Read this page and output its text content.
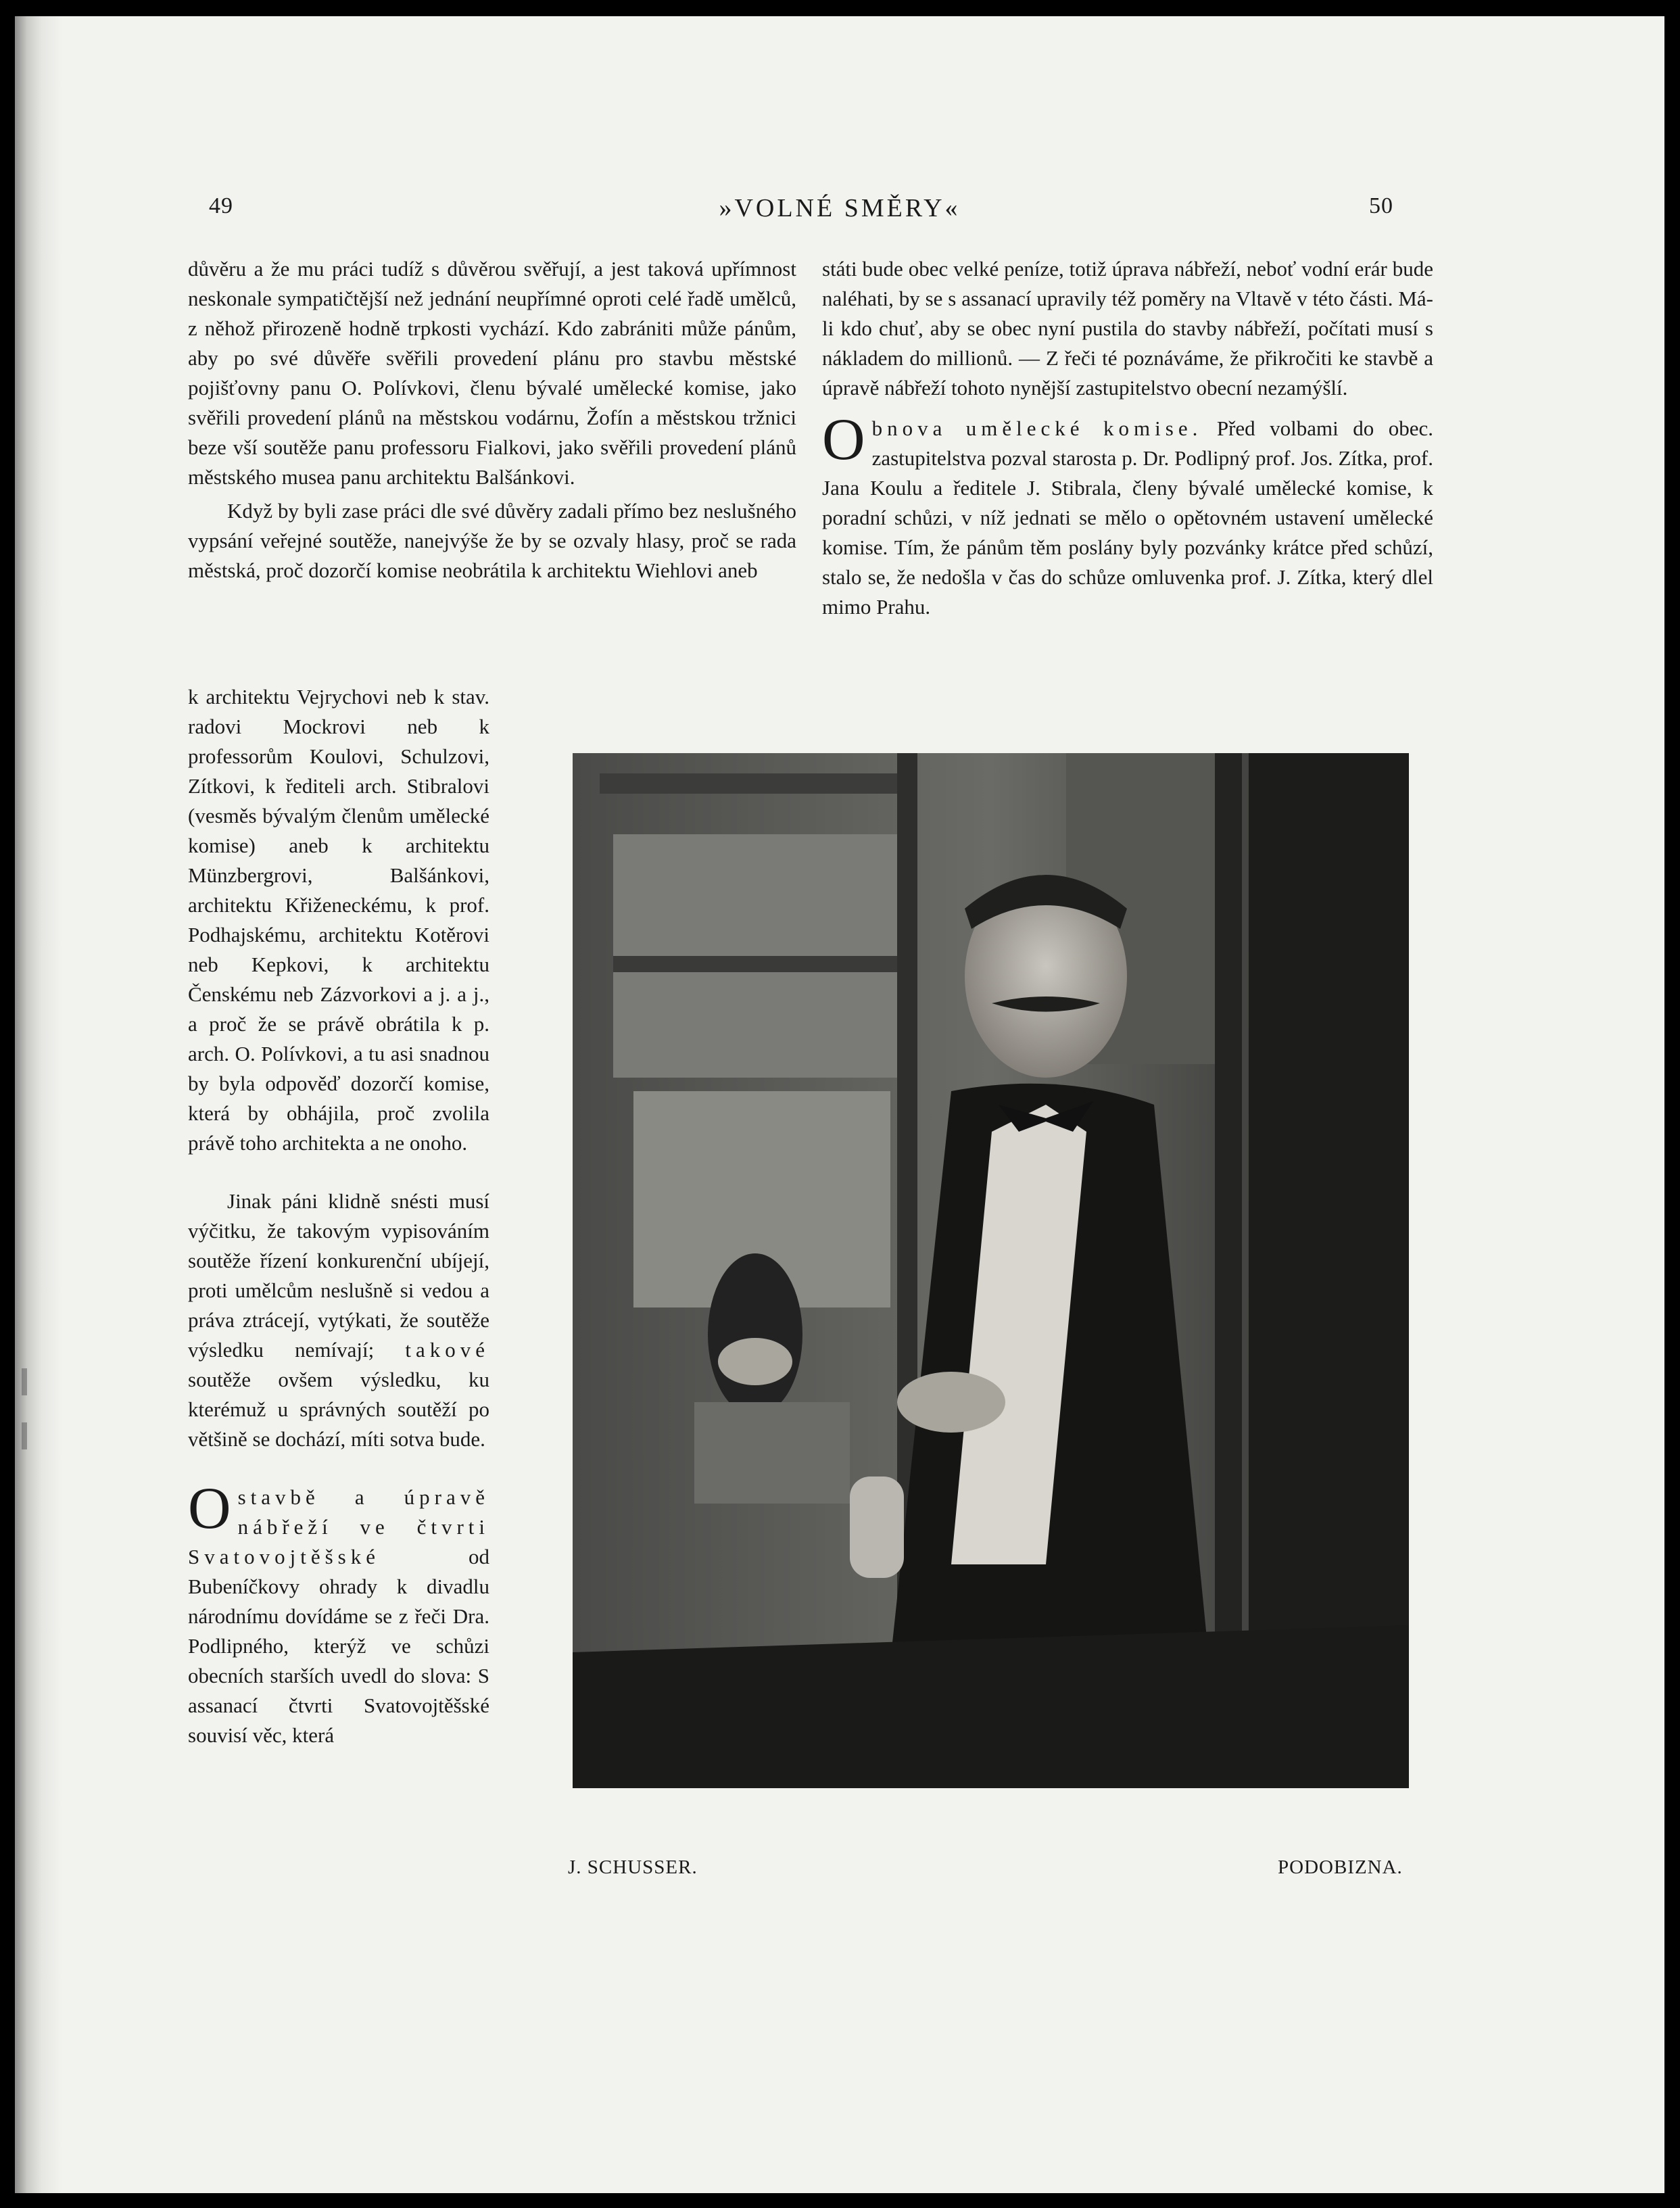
49	»VOLNÉ SMĚRY«	50

důvěru a že mu práci tudíž s důvěrou svěřují, a jest taková upřímnost neskonale sympatičtější než jednání neupřímné oproti celé řadě umělců, z něhož přirozeně hodně trpkosti vychází. Kdo zabrániti může pánům, aby po své důvěře svěřili provedení plánu pro stavbu městské pojišťovny panu O. Polívkovi, členu bývalé umělecké komise, jako svěřili provedení plánů na městskou vodárnu, Žofín a městskou tržnici beze vší soutěže panu professoru Fialkovi, jako svěřili provedení plánů městského musea panu architektu Balšánkovi.

Když by byli zase práci dle své důvěry zadali přímo bez neslušného vypsání veřejné soutěže, nanejvýše že by se ozvaly hlasy, proč se rada městská, proč dozorčí komise neobrátila k architektu Wiehlovi aneb

k architektu Vejrychovi neb k stav. radovi Mockrovi neb k professorům Koulovi, Schulzovi, Zítkovi, k řediteli arch. Stibralovi (vesměs bývalým členům umělecké komise) aneb k architektu Münzbergrovi, Balšánkovi, architektu Křiženeckému, k prof. Podhajskému, architektu Kotěrovi neb Kepkovi, k architektu Čenskému neb Zázvorkovi a j. a j., a proč že se právě obrátila k p. arch. O. Polívkovi, a tu asi snadnou by byla odpověď dozorčí komise, která by obhájila, proč zvolila právě toho architekta a ne onoho.

Jinak páni klidně snésti musí výčitku, že takovým vypisováním soutěže řízení konkurenční ubíjejí, proti umělcům neslušně si vedou a práva ztrácejí, vytýkati, že soutěže výsledku nemívají; takové soutěže ovšem výsledku, ku kterémuž u správných soutěží po většině se dochází, míti sotva bude.

Ostavbě a úpravě nábřeží ve čtvrti Svatovojtěšské	od Bubeníčkovy ohrady k divadlu národnímu dovídáme se z řeči Dra. Podlipného, kterýž ve schůzi obecních starších uvedl do slova: S assanací čtvrti Svatovojtěšské souvisí věc, která

státi bude obec velké peníze, totiž úprava nábřeží, neboť vodní erár bude naléhati, by se s assanací upravily též poměry na Vltavě v této části. Má-li kdo chuť, aby se obec nyní pustila do stavby nábřeží, počítati musí s nákladem do millionů. — Z řeči té poznáváme, že přikročiti ke stavbě a úpravě nábřeží tohoto nynější zastupitelstvo obecní nezamýšlí.

Obnova umělecké komise. Před volbami do obec. zastupitelstva pozval starosta p. Dr. Podlipný prof. Jos. Zítka, prof. Jana Koulu a ředitele J. Stibrala, členy bývalé umělecké komise, k poradní schůzi, v níž jednati se mělo o opětovném ustavení umělecké komise. Tím, že pánům těm poslány byly pozvánky krátce před schůzí, stalo se, že nedošla v čas do schůze omluvenka prof. J. Zítka, který dlel mimo Prahu.

J. SCHUSSER.	PODOBIZNA.
